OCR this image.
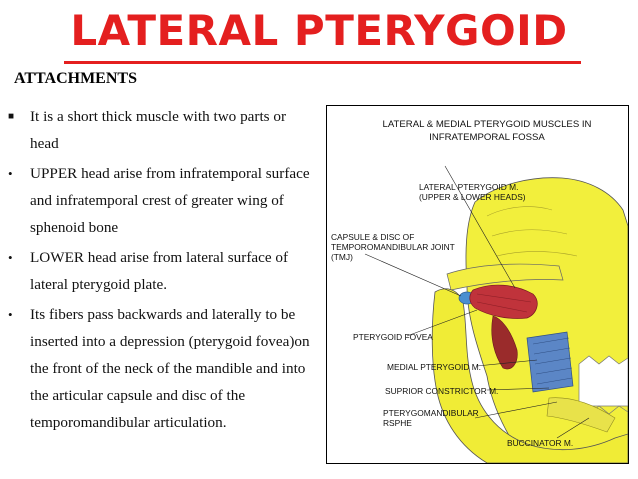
LATERAL PTERYGOID
ATTACHMENTS
■ It is a short thick muscle with two parts or head
• UPPER head arise from infratemporal surface and infratemporal crest of greater wing of sphenoid bone
• LOWER head arise from lateral surface of lateral pterygoid plate.
• Its fibers pass backwards and laterally to be inserted into a depression (pterygoid fovea)on the front of the neck of the mandible and into the articular capsule and disc of the temporomandibular articulation.
LATERAL & MEDIAL PTERYGOID MUSCLES IN
INFRATEMPORAL FOSSA
LATERAL PTERYGOID M.
(UPPER & LOWER HEADS)
CAPSULE & DISC OF
TEMPOROMANDIBULAR JOINT
(TMJ)
PTERYGOID FOVEA
MEDIAL PTERYGOID M.
SUPRIOR CONSTRICTOR M.
PTERYGOMANDIBULAR
RSPHE
BUCCINATOR M.
